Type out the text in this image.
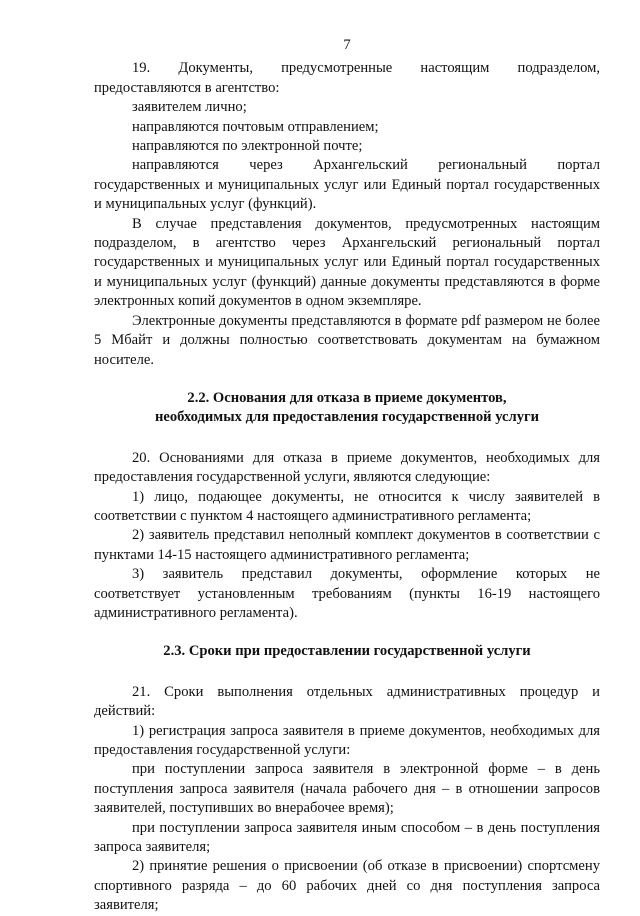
7

19. Документы, предусмотренные настоящим подразделом, предоставляются в агентство:

заявителем лично;

направляются почтовым отправлением;

направляются по электронной почте;

направляются через Архангельский региональный портал государственных и муниципальных услуг или Единый портал государственных и муниципальных услуг (функций).

В случае представления документов, предусмотренных настоящим подразделом, в агентство через Архангельский региональный портал государственных и муниципальных услуг или Единый портал государственных и муниципальных услуг (функций) данные документы представляются в форме электронных копий документов в одном экземпляре.

Электронные документы представляются в формате pdf размером не более 5 Мбайт и должны полностью соответствовать документам на бумажном носителе.

2.2. Основания для отказа в приеме документов,
необходимых для предоставления государственной услуги

20. Основаниями для отказа в приеме документов, необходимых для предоставления государственной услуги, являются следующие:

1) лицо, подающее документы, не относится к числу заявителей в соответствии с пунктом 4 настоящего административного регламента;

2) заявитель представил неполный комплект документов в соответствии с пунктами 14-15 настоящего административного регламента;

3) заявитель представил документы, оформление которых не соответствует установленным требованиям (пункты 16-19 настоящего административного регламента).

2.3. Сроки при предоставлении государственной услуги

21. Сроки выполнения отдельных административных процедур и действий:

1) регистрация запроса заявителя в приеме документов, необходимых для предоставления государственной услуги:

при поступлении запроса заявителя в электронной форме – в день поступления запроса заявителя (начала рабочего дня – в отношении запросов заявителей, поступивших во внерабочее время);

при поступлении запроса заявителя иным способом – в день поступления запроса заявителя;

2) принятие решения о присвоении (об отказе в присвоении) спортсмену спортивного разряда – до 60 рабочих дней со дня поступления запроса заявителя;
